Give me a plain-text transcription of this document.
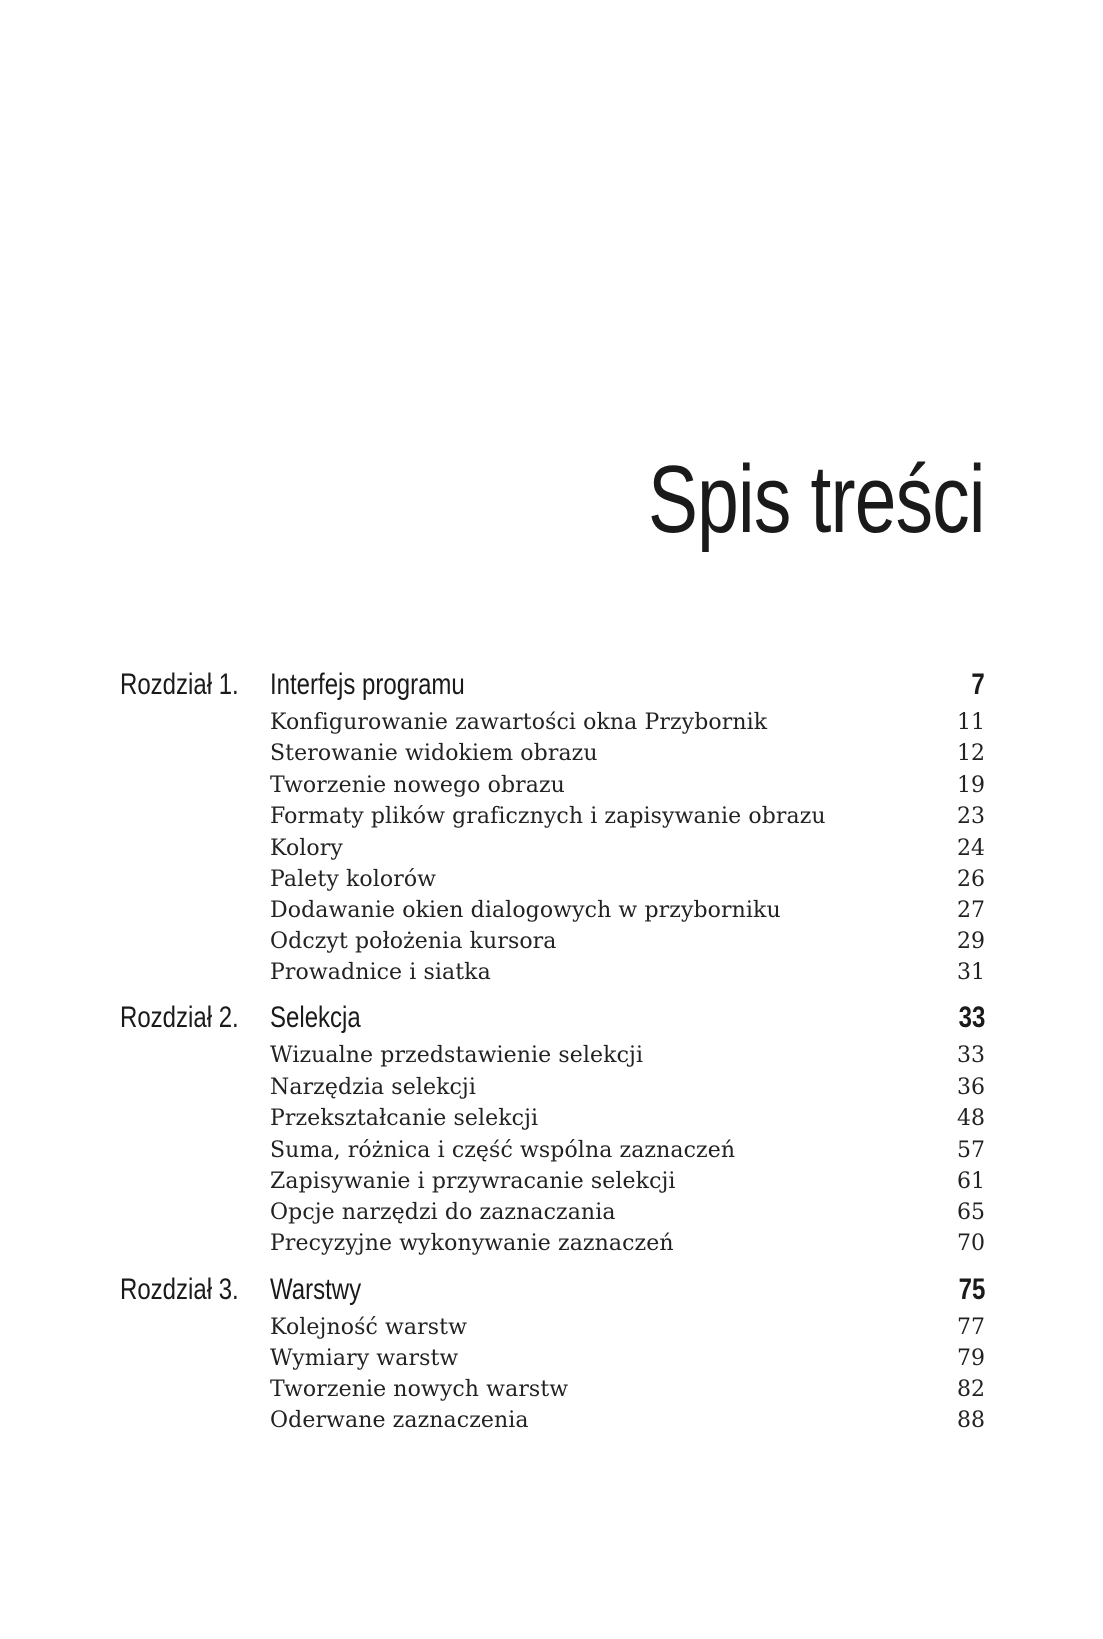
Spis treści
Rozdział 1. Interfejs programu	7
Konfigurowanie zawartości okna Przybornik	11
Sterowanie widokiem obrazu	12
Tworzenie nowego obrazu	19
Formaty plików graficznych i zapisywanie obrazu	23
Kolory	24
Palety kolorów	26
Dodawanie okien dialogowych w przyborniku	27
Odczyt położenia kursora	29
Prowadnice i siatka	31
Rozdział 2. Selekcja	33
Wizualne przedstawienie selekcji	33
Narzędzia selekcji	36
Przekształcanie selekcji	48
Suma, różnica i część wspólna zaznaczeń	57
Zapisywanie i przywracanie selekcji	61
Opcje narzędzi do zaznaczania	65
Precyzyjne wykonywanie zaznaczeń	70
Rozdział 3. Warstwy	75
Kolejność warstw	77
Wymiary warstw	79
Tworzenie nowych warstw	82
Oderwane zaznaczenia	88
